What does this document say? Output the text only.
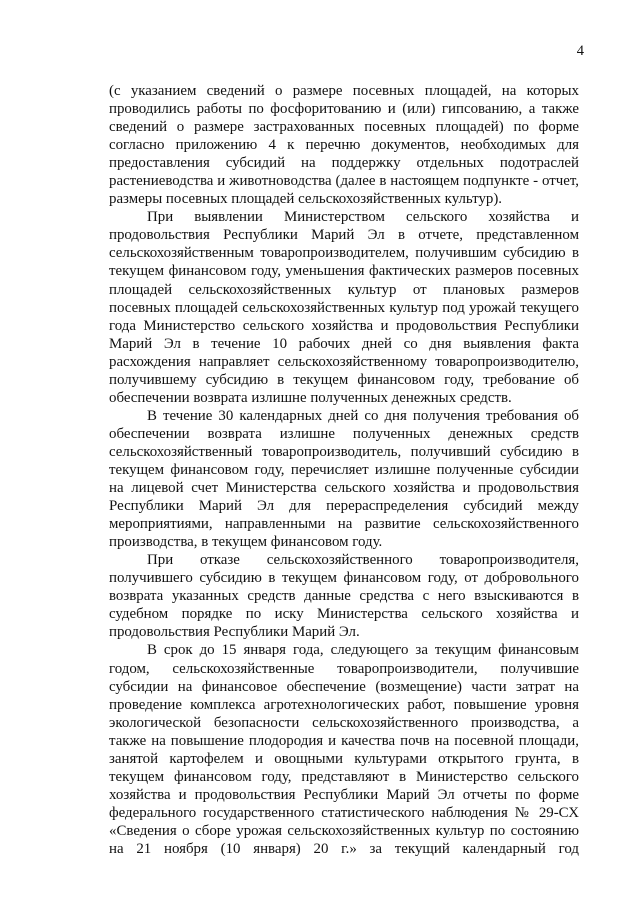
4

(с указанием сведений о размере посевных площадей, на которых проводились работы по фосфоритованию и (или) гипсованию, а также сведений о размере застрахованных посевных площадей) по форме согласно приложению 4 к перечню документов, необходимых для предоставления субсидий на поддержку отдельных подотраслей растениеводства и животноводства (далее в настоящем подпункте - отчет, размеры посевных площадей сельскохозяйственных культур).

При выявлении Министерством сельского хозяйства и продовольствия Республики Марий Эл в отчете, представленном сельскохозяйственным товаропроизводителем, получившим субсидию в текущем финансовом году, уменьшения фактических размеров посевных площадей сельскохозяйственных культур от плановых размеров посевных площадей сельскохозяйственных культур под урожай текущего года Министерство сельского хозяйства и продовольствия Республики Марий Эл в течение 10 рабочих дней со дня выявления факта расхождения направляет сельскохозяйственному товаропроизводителю, получившему субсидию в текущем финансовом году, требование об обеспечении возврата излишне полученных денежных средств.

В течение 30 календарных дней со дня получения требования об обеспечении возврата излишне полученных денежных средств сельскохозяйственный товаропроизводитель, получивший субсидию в текущем финансовом году, перечисляет излишне полученные субсидии на лицевой счет Министерства сельского хозяйства и продовольствия Республики Марий Эл для перераспределения субсидий между мероприятиями, направленными на развитие сельскохозяйственного производства, в текущем финансовом году.

При отказе сельскохозяйственного товаропроизводителя, получившего субсидию в текущем финансовом году, от добровольного возврата указанных средств данные средства с него взыскиваются в судебном порядке по иску Министерства сельского хозяйства и продовольствия Республики Марий Эл.

В срок до 15 января года, следующего за текущим финансовым годом, сельскохозяйственные товаропроизводители, получившие субсидии на финансовое обеспечение (возмещение) части затрат на проведение комплекса агротехнологических работ, повышение уровня экологической безопасности сельскохозяйственного производства, а также на повышение плодородия и качества почв на посевной площади, занятой картофелем и овощными культурами открытого грунта, в текущем финансовом году, представляют в Министерство сельского хозяйства и продовольствия Республики Марий Эл отчеты по форме федерального государственного статистического наблюдения № 29-СХ «Сведения о сборе урожая сельскохозяйственных культур по состоянию на 21 ноября (10 января) 20 г.» за текущий календарный год
